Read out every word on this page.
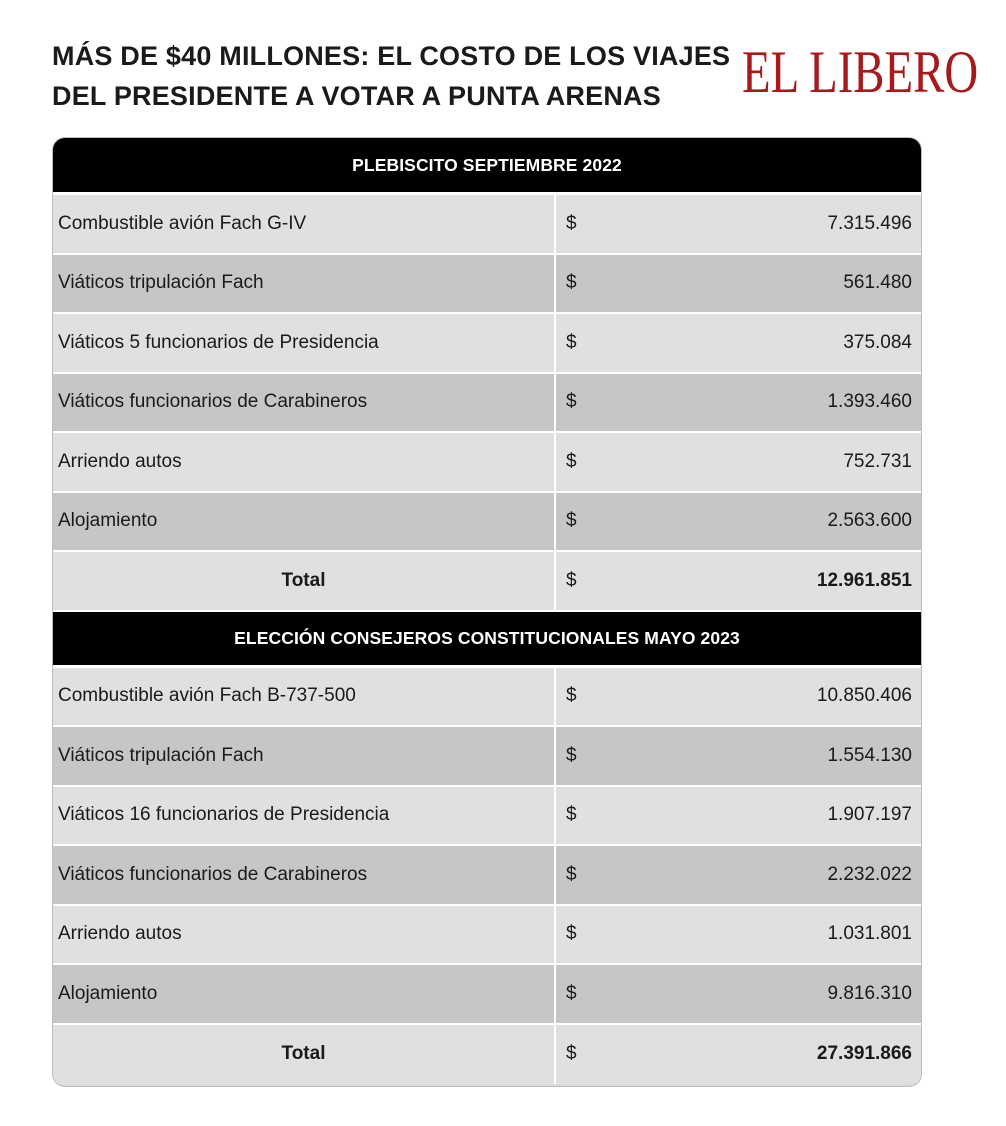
MÁS DE $40 MILLONES: EL COSTO DE LOS VIAJES
DEL PRESIDENTE A VOTAR A PUNTA ARENAS	EL LIBERO
PLEBISCITO SEPTIEMBRE 2022
Combustible avión Fach G-IV	$	7.315.496
Viáticos tripulación Fach	$	561.480
Viáticos 5 funcionarios de Presidencia	$	375.084
Viáticos funcionarios de Carabineros	$	1.393.460
Arriendo autos	$	752.731
Alojamiento	$	2.563.600
Total	$	12.961.851
ELECCIÓN CONSEJEROS CONSTITUCIONALES MAYO 2023
Combustible avión Fach B-737-500	$	10.850.406
Viáticos tripulación Fach	$	1.554.130
Viáticos 16 funcionarios de Presidencia	$	1.907.197
Viáticos funcionarios de Carabineros	$	2.232.022
Arriendo autos	$	1.031.801
Alojamiento	$	9.816.310
Total	$	27.391.866
